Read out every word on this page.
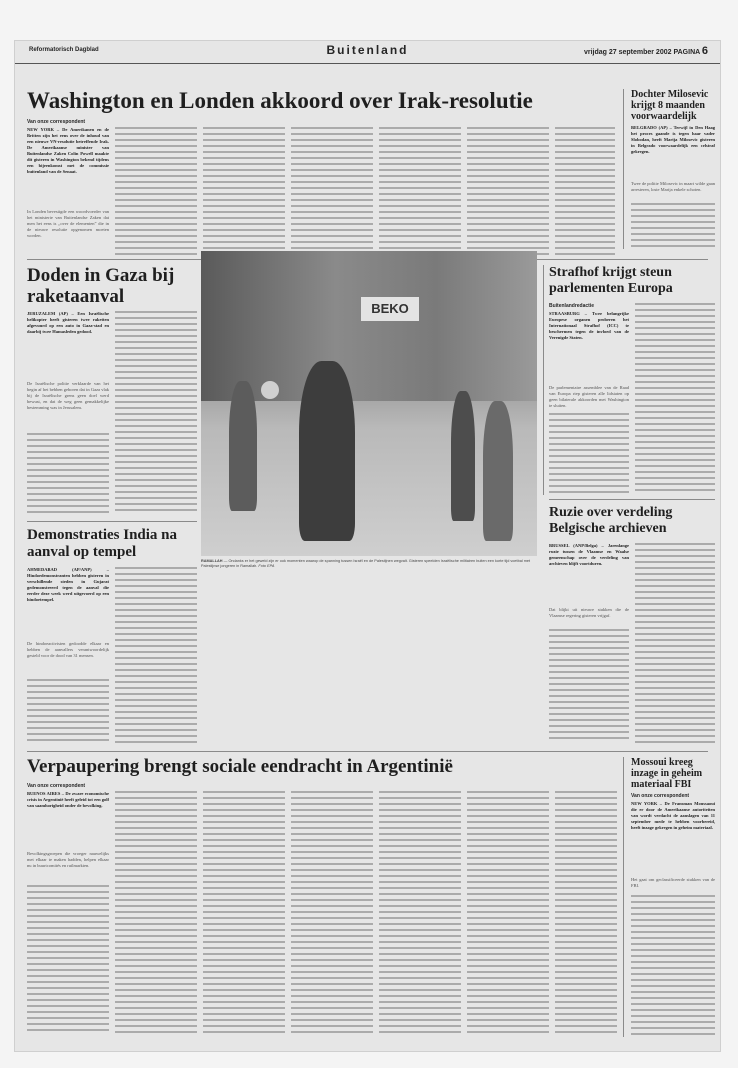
Reformatorisch Dagblad	Buitenland	vrijdag 27 september 2002 PAGINA 6
Washington en Londen akkoord over Irak-resolutie
Van onze correspondent
NEW YORK – De Amerikanen en de Britten zijn het eens over de inhoud van een nieuwe VN-resolutie betreffende Irak. De Amerikaanse minister van Buitenlandse Zaken Colin Powell maakte dit gisteren in Washington bekend tijdens een bijeenkomst met de commissie buitenland van de Senaat.
In Londen bevestigde een woordvoerder van het ministerie van Buitenlandse Zaken dat men het eens is ,,over de elementen” die in de nieuwe resolutie opgenomen moeten worden.
Dochter Milosevic krijgt 8 maanden voorwaardelijk
BELGRADO (AP) – Terwijl in Den Haag het proces gaande is tegen haar vader Slobodan, heeft Marija Milosevic gisteren in Belgrado voorwaardelijk een celstraf gekregen.
Twee de politie Milosevic in maart wilde gaan arresteren, loste Marija enkele schoten.
Doden in Gaza bij raketaanval
JERUZALEM (AP) – Een Israëlische helikopter heeft gisteren twee raketten afgevuurd op een auto in Gaza-stad en daarbij twee Hamasleden gedood.
De Israëlische politie verklaarde van het begin af het bebben geboren dat in Gaza vlak bij de Israëlische grens geen doel werd bewust, en dat de weg geen gemakkelijke bestemming was in Jerusalem.
Demonstraties India na aanval op tempel
AHMEDABAD (AP/ANP) – Hindoedemonstranten hebben gisteren in verschillende steden in Gujarat gedemonstreerd tegen de aanval die eerder deze week werd uitgevoerd op een hindoetempel.
De hindoeactivisten gedoodde elkaar en hebben de aanvallers verantwoordelijk gesteld voor de dood van 31 mensen.
BEKO
RAMALLAH — Ondanks er het geweld zijn er ook momenten waarop de spanning tussen Israël en de Palestijnen wegvalt. Gisteren speelden Israëlische militairen buiten een korte tijd voetbal met Palestijnse jongeren in Ramallah. Foto EPA
Strafhof krijgt steun parlementen Europa
Buitenlandredactie
STRAASBURG – Twee belangrijke Europese organen proberen het Internationaal Strafhof (ICC) te beschermen tegen de invloed van de Verenigde Staten.
De parlementaire assemblee van de Raad van Europa riep gisteren alle lidstaten op geen bilaterale akkoorden met Washington te sluiten.
Ruzie over verdeling Belgische archieven
BRUSSEL (ANP/Belga) – Jarenlange ruzie tussen de Vlaamse en Waalse gemeenschap over de verdeling van archieven blijft voortduren.
Dat blijkt uit nieuwe stukken die de Vlaamse regering gisteren vrijgaf.
Verpaupering brengt sociale eendracht in Argentinië
Van onze correspondent
BUENOS AIRES – De zware economische crisis in Argentinië heeft geleid tot een golf van saamhorigheid onder de bevolking.
Bevolkingsgroepen die vroeger nauwelijks met elkaar te maken hadden, helpen elkaar nu in buurtcomités en ruilmarkten.
Mossoui kreeg inzage in geheim materiaal FBI
Van onze correspondent
NEW YORK – De Fransman Moussaoui die er door de Amerikaanse autoriteiten van wordt verdacht de aanslagen van 11 september mede te hebben voorbereid, heeft inzage gekregen in geheim materiaal.
Het gaat om geclassificeerde stukken van de FBI.
